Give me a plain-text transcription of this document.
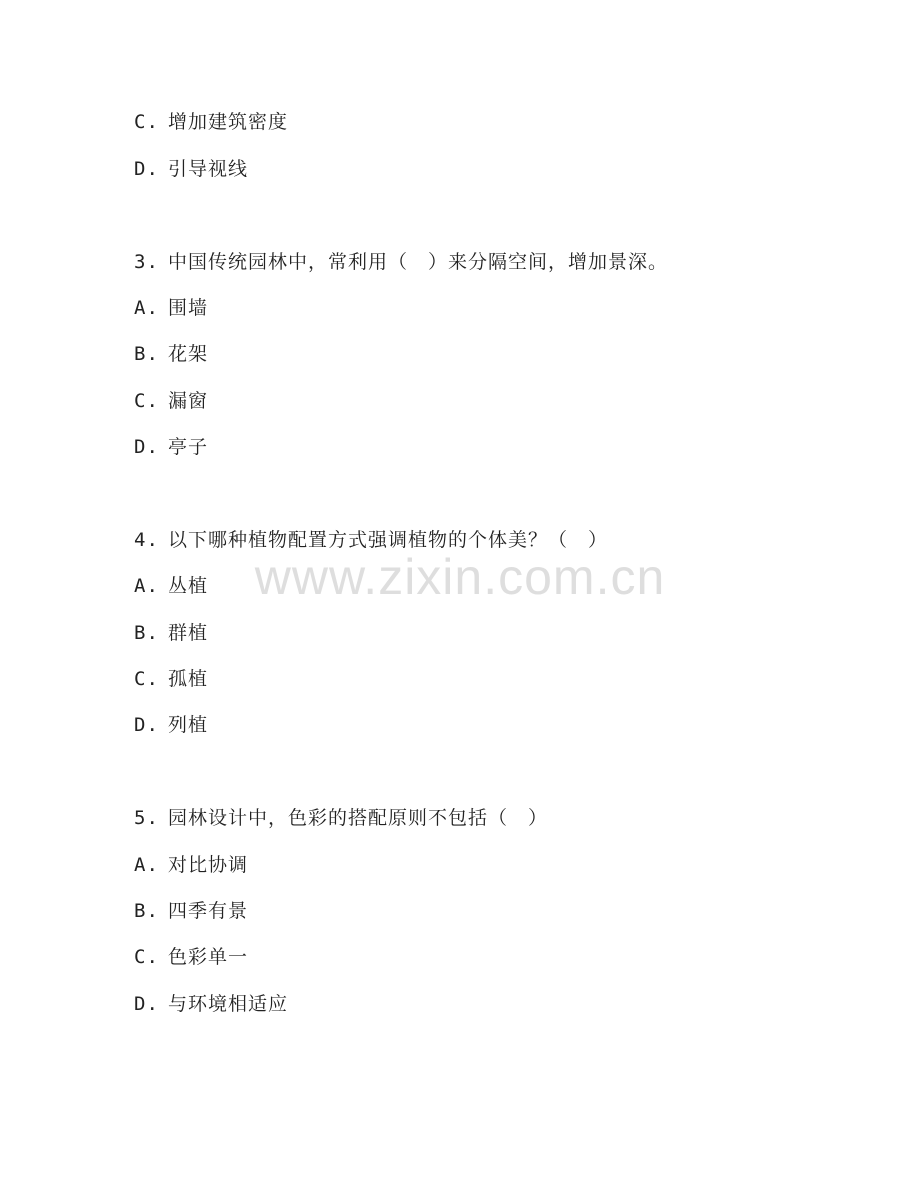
C. 增加建筑密度
D. 引导视线
3. 中国传统园林中，常利用（　）来分隔空间，增加景深。
A. 围墙
B. 花架
C. 漏窗
D. 亭子
4. 以下哪种植物配置方式强调植物的个体美？（　）
A. 丛植
B. 群植
C. 孤植
D. 列植
5. 园林设计中，色彩的搭配原则不包括（　）
A. 对比协调
B. 四季有景
C. 色彩单一
D. 与环境相适应
www.zixin.com.cn
